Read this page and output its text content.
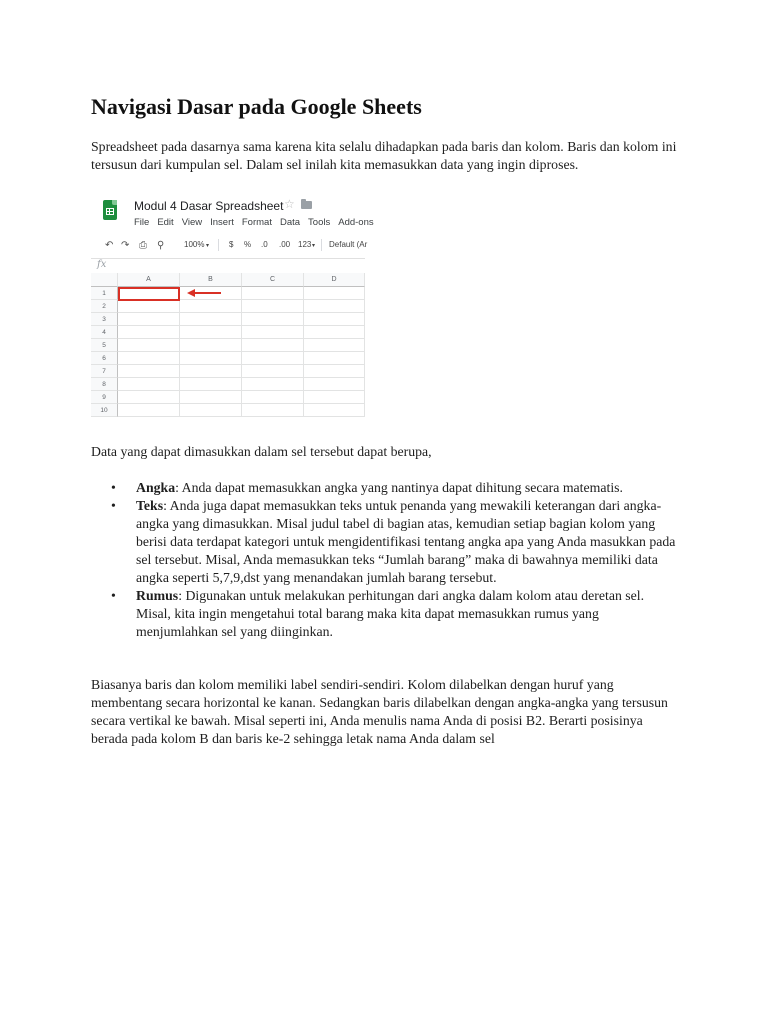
Navigasi Dasar pada Google Sheets

Spreadsheet pada dasarnya sama karena kita selalu dihadapkan pada baris dan kolom. Baris dan kolom ini tersusun dari kumpulan sel. Dalam sel inilah kita memasukkan data yang ingin diproses.

Modul 4 Dasar Spreadsheet ☆
File Edit View Insert Format Data Tools Add-ons
↶ ↷ ⎙ ⚲ 100% ▾ $ % .0 .00 123 ▾ Default (Ar
fx
A	B	C	D
1
2
3
4
5
6
7
8
9
10

Data yang dapat dimasukkan dalam sel tersebut dapat berupa,

• Angka: Anda dapat memasukkan angka yang nantinya dapat dihitung secara matematis.
• Teks: Anda juga dapat memasukkan teks untuk penanda yang mewakili keterangan dari angka-angka yang dimasukkan. Misal judul tabel di bagian atas, kemudian setiap bagian kolom yang berisi data terdapat kategori untuk mengidentifikasi tentang angka apa yang Anda masukkan pada sel tersebut. Misal, Anda memasukkan teks “Jumlah barang” maka di bawahnya memiliki data angka seperti 5,7,9,dst yang menandakan jumlah barang tersebut.
• Rumus: Digunakan untuk melakukan perhitungan dari angka dalam kolom atau deretan sel. Misal, kita ingin mengetahui total barang maka kita dapat memasukkan rumus yang menjumlahkan sel yang diinginkan.

Biasanya baris dan kolom memiliki label sendiri-sendiri. Kolom dilabelkan dengan huruf yang membentang secara horizontal ke kanan. Sedangkan baris dilabelkan dengan angka-angka yang tersusun secara vertikal ke bawah. Misal seperti ini, Anda menulis nama Anda di posisi B2. Berarti posisinya berada pada kolom B dan baris ke-2 sehingga letak nama Anda dalam sel
